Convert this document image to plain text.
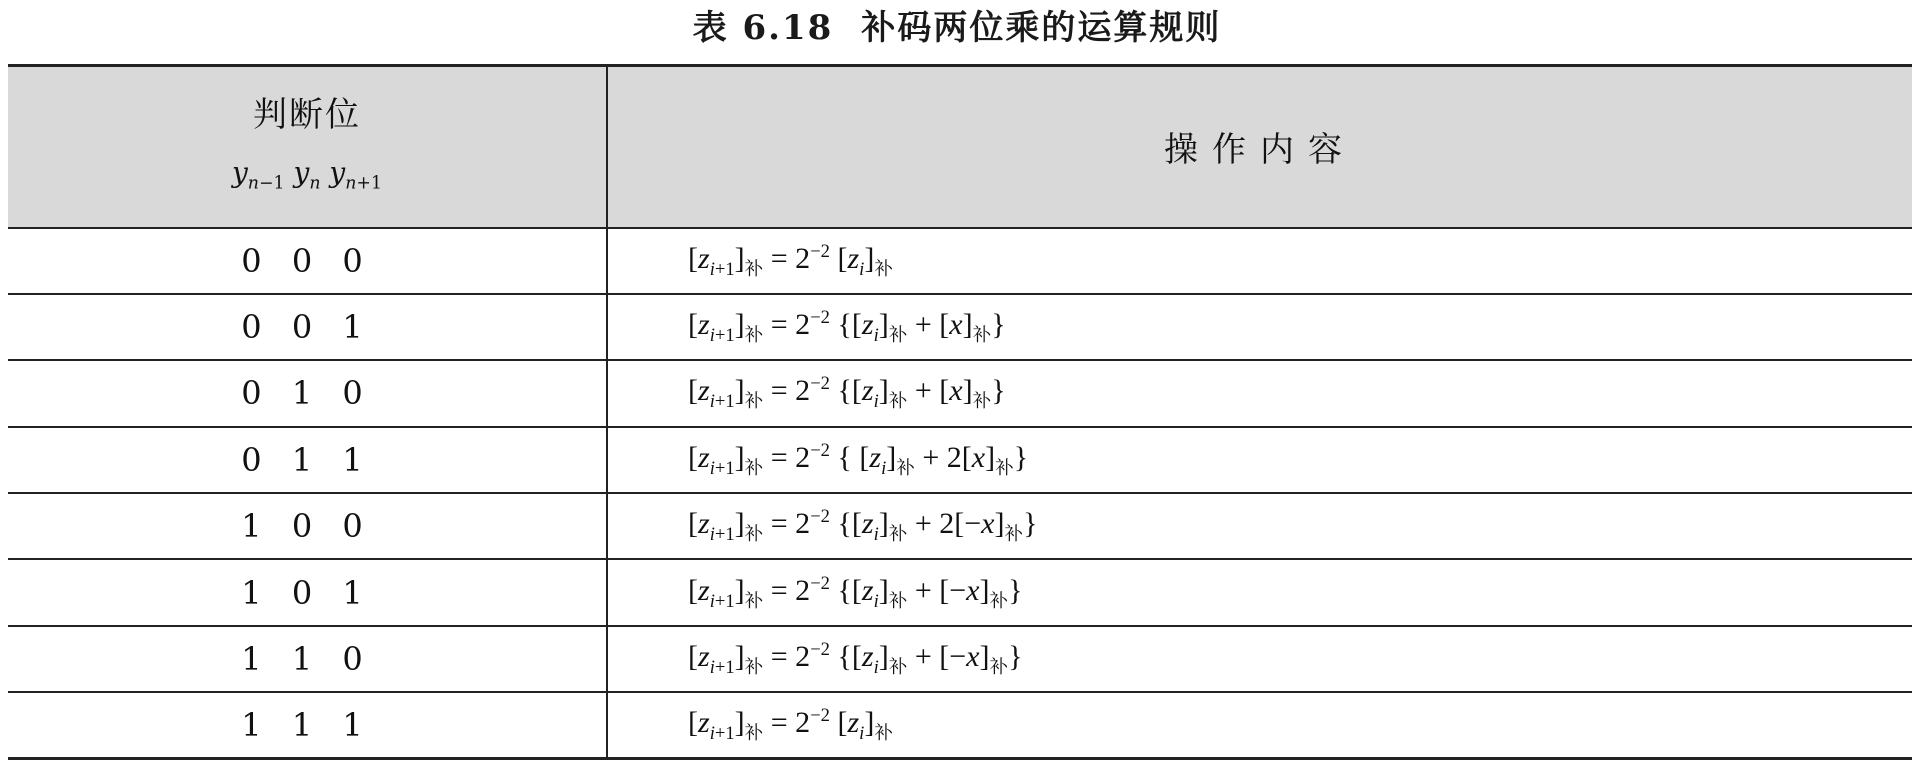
表 6.18 补码两位乘的运算规则
判断位
$y_{n-1}$ $y_n$ $y_{n+1}$	操作内容
0 0 0	$[z_{i+1}]_补 = 2^{-2}$ $[z_i]_补$
0 0 1	$[z_{i+1}]_补 = 2^{-2}$ $\{[z_i]_补 + [x]_补\}$
0 1 0	$[z_{i+1}]_补 = 2^{-2}$ $\{[z_i]_补 + [x]_补\}$
0 1 1	$[z_{i+1}]_补 = 2^{-2}$ { $[z_i]_补 + 2[x]_补$}
1 0 0	$[z_{i+1}]_补 = 2^{-2}$ $\{[z_i]_补 + 2[-x]_补\}$
1 0 1	$[z_{i+1}]_补 = 2^{-2}$ $\{[z_i]_补 + [-x]_补\}$
1 1 0	$[z_{i+1}]_补 = 2^{-2}$ $\{[z_i]_补 + [-x]_补\}$
1 1 1	$[z_{i+1}]_补 = 2^{-2}$ $[z_i]_补$
